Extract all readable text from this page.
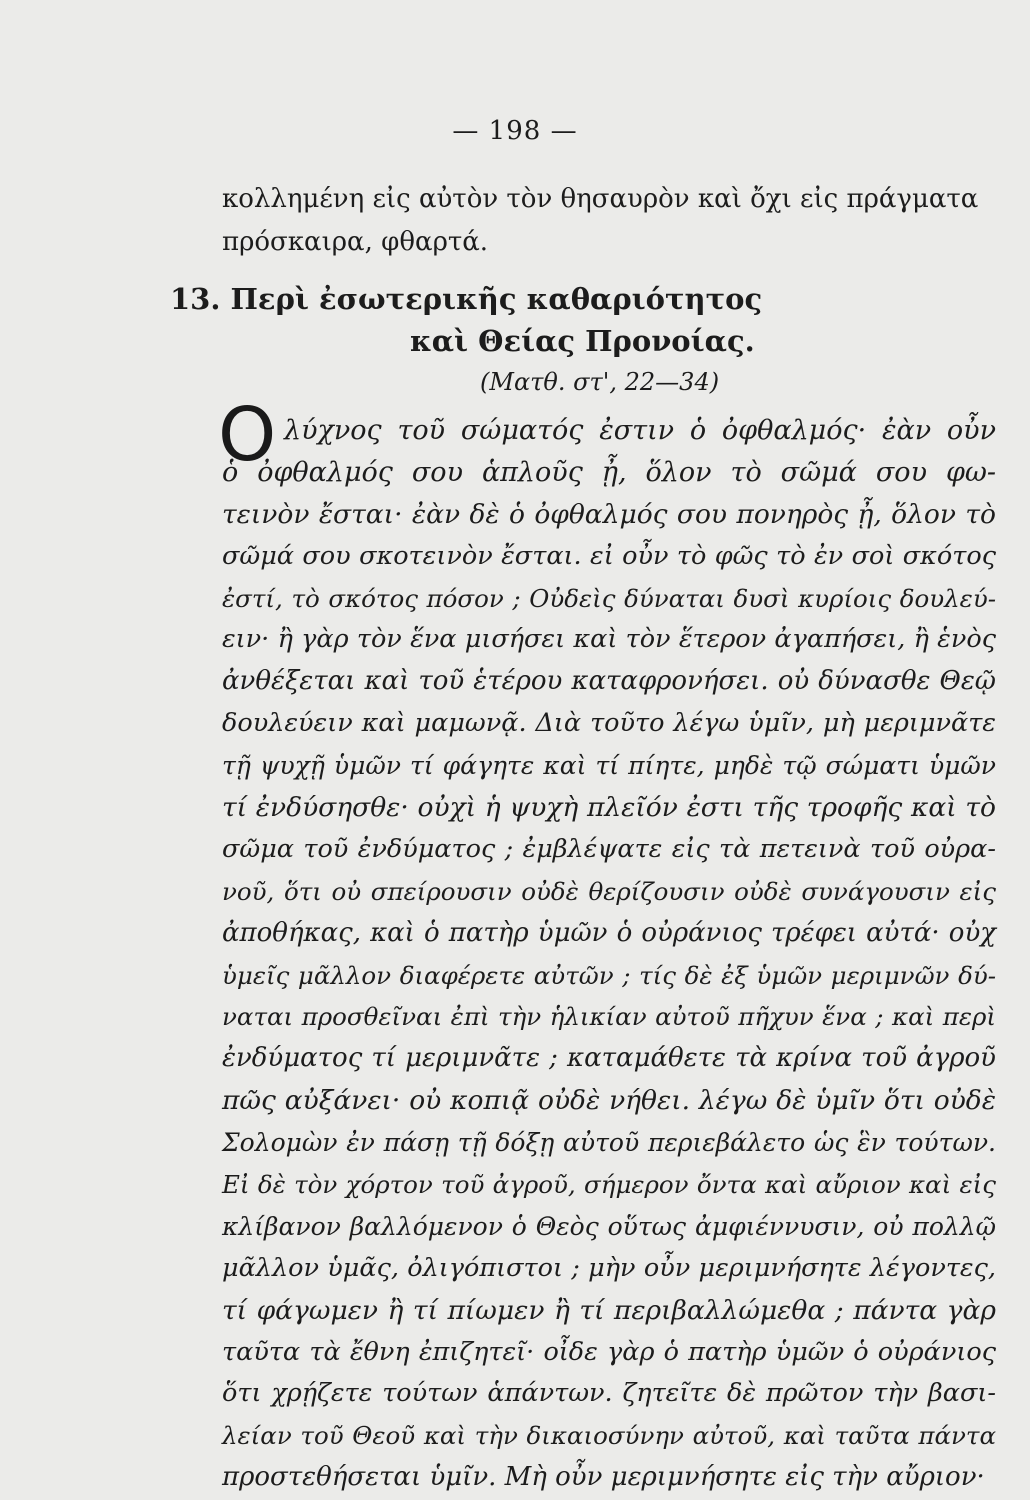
— 198 —
κολλημένη εἰς αὐτὸν τὸν θησαυρὸν καὶ ὄχι εἰς πράγματα
πρόσκαιρα, φθαρτά.
13. Περὶ ἐσωτερικῆς καθαριότητος
καὶ Θείας Προνοίας.
(Ματθ. στ', 22—34)
Ο λύχνος τοῦ σώματός ἐστιν ὁ ὀφθαλμός· ἐὰν οὖν
ὁ ὀφθαλμός σου ἁπλοῦς ᾖ, ὅλον τὸ σῶμά σου φω-
τεινὸν ἔσται· ἐὰν δὲ ὁ ὀφθαλμός σου πονηρὸς ᾖ, ὅλον τὸ
σῶμά σου σκοτεινὸν ἔσται. εἰ οὖν τὸ φῶς τὸ ἐν σοὶ σκότος
ἐστί, τὸ σκότος πόσον ; Οὐδεὶς δύναται δυσὶ κυρίοις δουλεύ-
ειν· ἢ γὰρ τὸν ἕνα μισήσει καὶ τὸν ἕτερον ἀγαπήσει, ἢ ἑνὸς
ἀνθέξεται καὶ τοῦ ἑτέρου καταφρονήσει. οὐ δύνασθε Θεῷ
δουλεύειν καὶ μαμωνᾷ. Διὰ τοῦτο λέγω ὑμῖν, μὴ μεριμνᾶτε
τῇ ψυχῇ ὑμῶν τί φάγητε καὶ τί πίητε, μηδὲ τῷ σώματι ὑμῶν
τί ἐνδύσησθε· οὐχὶ ἡ ψυχὴ πλεῖόν ἐστι τῆς τροφῆς καὶ τὸ
σῶμα τοῦ ἐνδύματος ; ἐμβλέψατε εἰς τὰ πετεινὰ τοῦ οὐρα-
νοῦ, ὅτι οὐ σπείρουσιν οὐδὲ θερίζουσιν οὐδὲ συνάγουσιν εἰς
ἀποθήκας, καὶ ὁ πατὴρ ὑμῶν ὁ οὐράνιος τρέφει αὐτά· οὐχ
ὑμεῖς μᾶλλον διαφέρετε αὐτῶν ; τίς δὲ ἐξ ὑμῶν μεριμνῶν δύ-
ναται προσθεῖναι ἐπὶ τὴν ἡλικίαν αὐτοῦ πῆχυν ἕνα ; καὶ περὶ
ἐνδύματος τί μεριμνᾶτε ; καταμάθετε τὰ κρίνα τοῦ ἀγροῦ
πῶς αὐξάνει· οὐ κοπιᾷ οὐδὲ νήθει. λέγω δὲ ὑμῖν ὅτι οὐδὲ
Σολομὼν ἐν πάσῃ τῇ δόξῃ αὐτοῦ περιεβάλετο ὡς ἓν τούτων.
Εἰ δὲ τὸν χόρτον τοῦ ἀγροῦ, σήμερον ὄντα καὶ αὔριον καὶ εἰς
κλίβανον βαλλόμενον ὁ Θεὸς οὕτως ἀμφιέννυσιν, οὐ πολλῷ
μᾶλλον ὑμᾶς, ὀλιγόπιστοι ; μὴν οὖν μεριμνήσητε λέγοντες,
τί φάγωμεν ἢ τί πίωμεν ἢ τί περιβαλλώμεθα ; πάντα γὰρ
ταῦτα τὰ ἔθνη ἐπιζητεῖ· οἶδε γὰρ ὁ πατὴρ ὑμῶν ὁ οὐράνιος
ὅτι χρῄζετε τούτων ἁπάντων. ζητεῖτε δὲ πρῶτον τὴν βασι-
λείαν τοῦ Θεοῦ καὶ τὴν δικαιοσύνην αὐτοῦ, καὶ ταῦτα πάντα
προστεθήσεται ὑμῖν. Μὴ οὖν μεριμνήσητε εἰς τὴν αὔριον·
